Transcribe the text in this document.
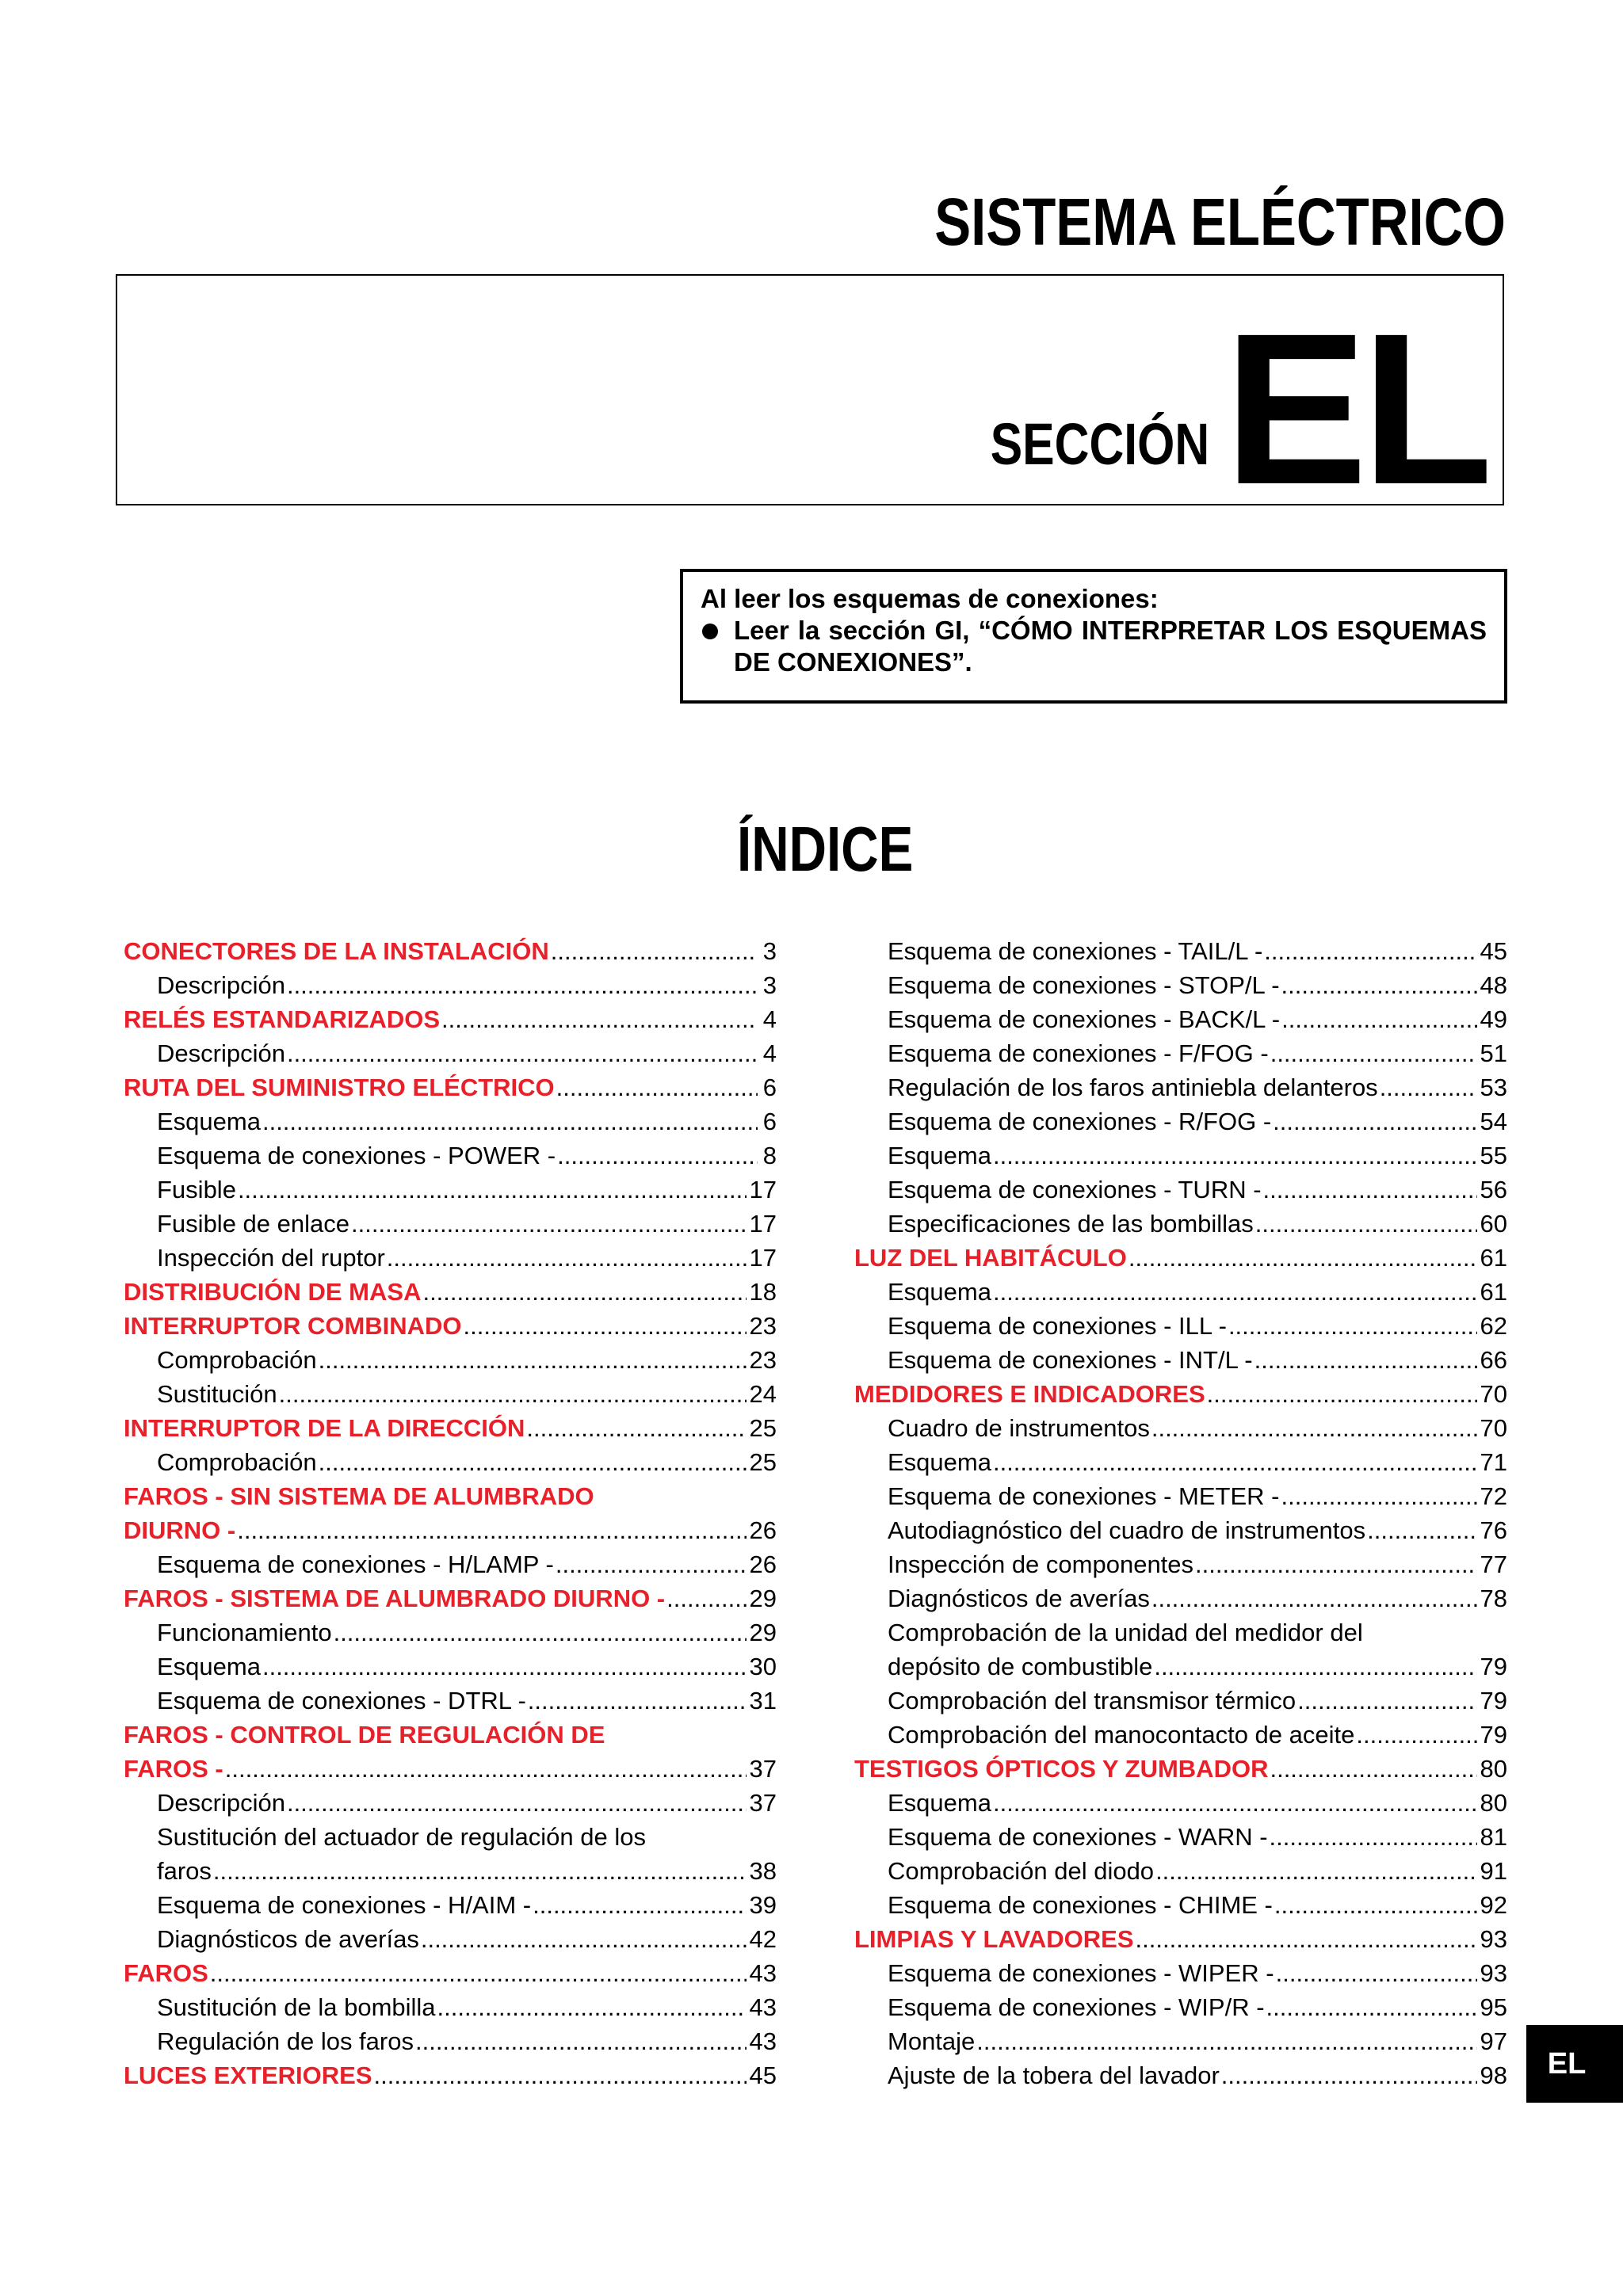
SISTEMA ELÉCTRICO
SECCIÓN EL
Al leer los esquemas de conexiones:
Leer la sección GI, “CÓMO INTERPRETAR LOS ESQUEMAS DE CONEXIONES”.
ÍNDICE
CONECTORES DE LA INSTALACIÓN .....	3
Descripción .....	3
RELÉS ESTANDARIZADOS .....	4
Descripción .....	4
RUTA DEL SUMINISTRO ELÉCTRICO .....	6
Esquema .....	6
Esquema de conexiones - POWER - .....	8
Fusible .....	17
Fusible de enlace .....	17
Inspección del ruptor .....	17
DISTRIBUCIÓN DE MASA .....	18
INTERRUPTOR COMBINADO .....	23
Comprobación .....	23
Sustitución .....	24
INTERRUPTOR DE LA DIRECCIÓN .....	25
Comprobación .....	25
FAROS - SIN SISTEMA DE ALUMBRADO
DIURNO - .....	26
Esquema de conexiones - H/LAMP - .....	26
FAROS - SISTEMA DE ALUMBRADO DIURNO - .....	29
Funcionamiento .....	29
Esquema .....	30
Esquema de conexiones - DTRL - .....	31
FAROS - CONTROL DE REGULACIÓN DE
FAROS - .....	37
Descripción .....	37
Sustitución del actuador de regulación de los
faros .....	38
Esquema de conexiones - H/AIM - .....	39
Diagnósticos de averías .....	42
FAROS .....	43
Sustitución de la bombilla .....	43
Regulación de los faros .....	43
LUCES EXTERIORES .....	45
Esquema de conexiones - TAIL/L - .....	45
Esquema de conexiones - STOP/L - .....	48
Esquema de conexiones - BACK/L - .....	49
Esquema de conexiones - F/FOG - .....	51
Regulación de los faros antiniebla delanteros .....	53
Esquema de conexiones - R/FOG - .....	54
Esquema .....	55
Esquema de conexiones - TURN - .....	56
Especificaciones de las bombillas .....	60
LUZ DEL HABITÁCULO .....	61
Esquema .....	61
Esquema de conexiones - ILL - .....	62
Esquema de conexiones - INT/L - .....	66
MEDIDORES E INDICADORES .....	70
Cuadro de instrumentos .....	70
Esquema .....	71
Esquema de conexiones - METER - .....	72
Autodiagnóstico del cuadro de instrumentos .....	76
Inspección de componentes .....	77
Diagnósticos de averías .....	78
Comprobación de la unidad del medidor del
depósito de combustible .....	79
Comprobación del transmisor térmico .....	79
Comprobación del manocontacto de aceite .....	79
TESTIGOS ÓPTICOS Y ZUMBADOR .....	80
Esquema .....	80
Esquema de conexiones - WARN - .....	81
Comprobación del diodo .....	91
Esquema de conexiones - CHIME - .....	92
LIMPIAS Y LAVADORES .....	93
Esquema de conexiones - WIPER - .....	93
Esquema de conexiones - WIP/R - .....	95
Montaje .....	97
Ajuste de la tobera del lavador .....	98	EL
